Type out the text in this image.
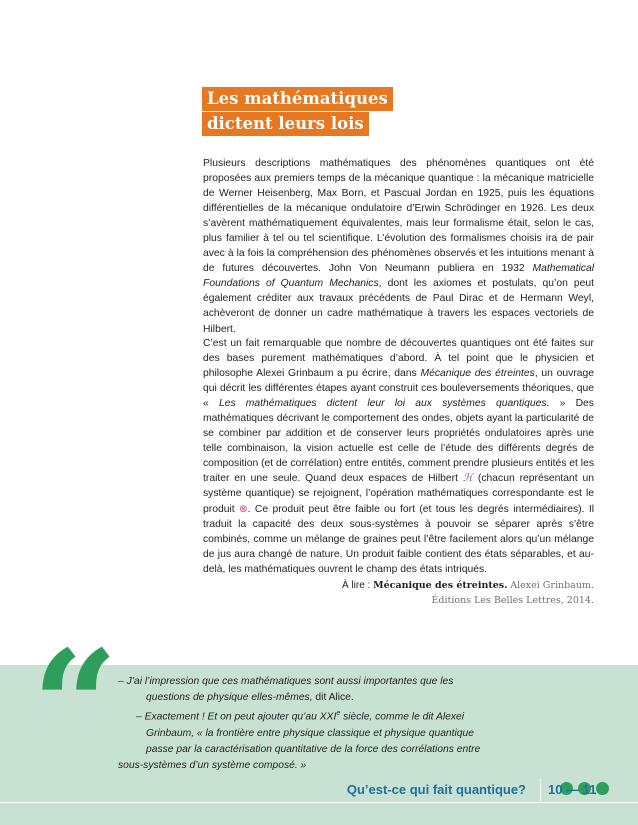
Les mathématiques
dictent leurs lois

Plusieurs descriptions mathématiques des phénomènes quantiques ont été proposées aux premiers temps de la mécanique quantique : la mécanique matricielle de Werner Heisenberg, Max Born, et Pascual Jordan en 1925, puis les équations différentielles de la mécanique ondulatoire d’Erwin Schrödinger en 1926. Les deux s’avèrent mathématiquement équivalentes, mais leur formalisme était, selon le cas, plus familier à tel ou tel scientifique. L’évolution des formalismes choisis ira de pair avec à la fois la compréhension des phénomènes observés et les intuitions menant à de futures découvertes. John Von Neumann publiera en 1932 Mathematical Foundations of Quantum Mechanics, dont les axiomes et postulats, qu’on peut également créditer aux travaux précédents de Paul Dirac et de Hermann Weyl, achèveront de donner un cadre mathématique à travers les espaces vectoriels de Hilbert.

C’est un fait remarquable que nombre de découvertes quantiques ont été faites sur des bases purement mathématiques d’abord. À tel point que le physicien et philosophe Alexei Grinbaum a pu écrire, dans Mécanique des étreintes, un ouvrage qui décrit les différentes étapes ayant construit ces bouleversements théoriques, que « Les mathématiques dictent leur loi aux systèmes quantiques. » Des mathématiques décrivant le comportement des ondes, objets ayant la particularité de se combiner par addition et de conserver leurs propriétés ondulatoires après une telle combinaison, la vision actuelle est celle de l’étude des différents degrés de composition (et de corrélation) entre entités, comment prendre plusieurs entités et les traiter en une seule. Quand deux espaces de Hilbert ℋ (chacun représentant un système quantique) se rejoignent, l’opération mathématiques correspondante est le produit ⊗. Ce produit peut être faible ou fort (et tous les degrés intermédiaires). Il traduit la capacité des deux sous-systèmes à pouvoir se séparer après s’être combinés, comme un mélange de graines peut l’être facilement alors qu’un mélange de jus aura changé de nature. Un produit faible contient des états séparables, et au-delà, les mathématiques ouvrent le champ des états intriqués.

À lire : Mécanique des étreintes. Alexei Grinbaum.
Éditions Les Belles Lettres, 2014.
“ – J’ai l’impression que ces mathématiques sont aussi importantes que les

questions de physique elles-mêmes, dit Alice.

– Exactement ! Et on peut ajouter qu’au XXIe siècle, comme le dit Alexei

Grinbaum, « la frontière entre physique classique et physique quantique

passe par la caractérisation quantitative de la force des corrélations entre

sous-systèmes d’un système composé. »

Qu’est-ce qui fait quantique? 10 — 11
